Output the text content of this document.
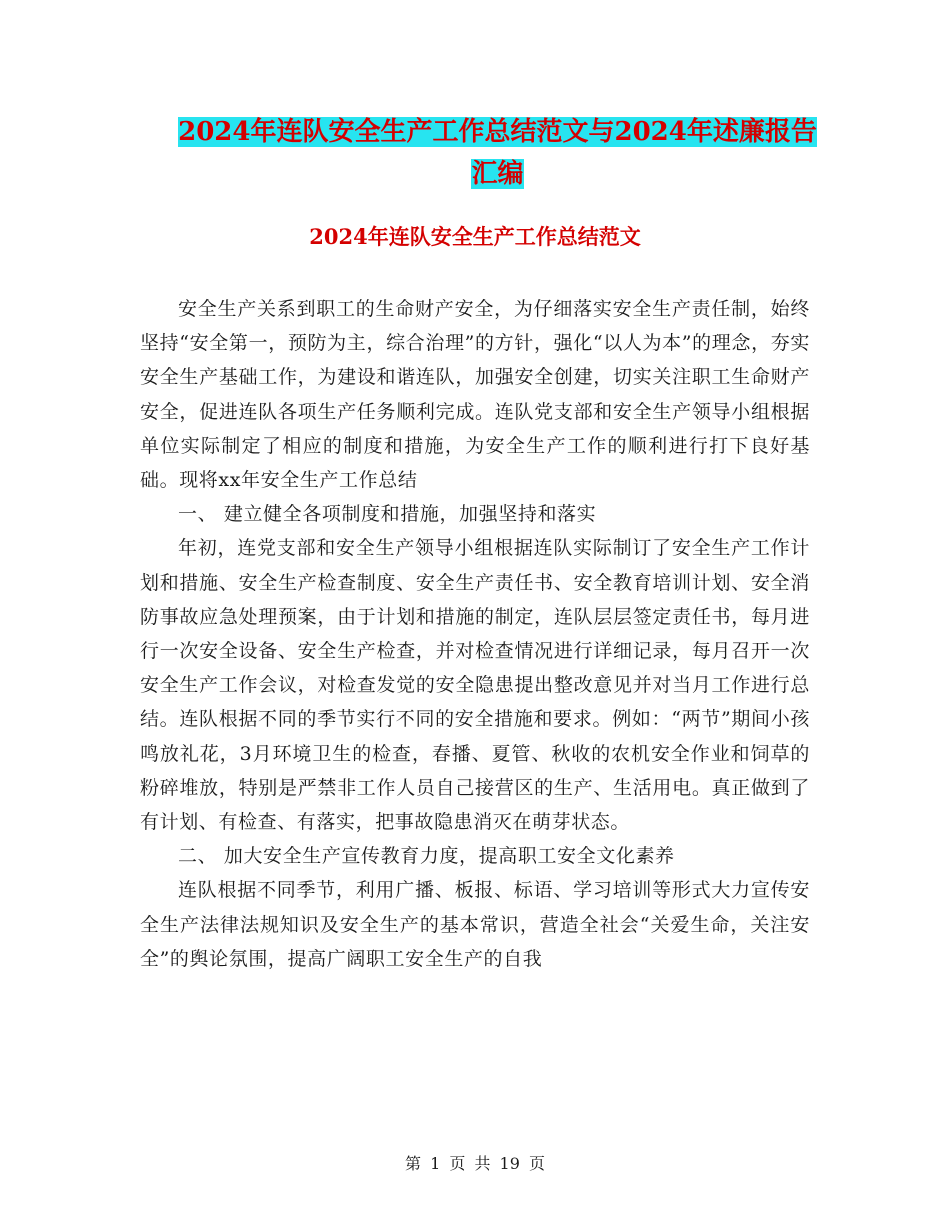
2024年连队安全生产工作总结范文与2024年述廉报告
汇编
2024年连队安全生产工作总结范文

安全生产关系到职工的生命财产安全，为仔细落实安全生产责任制，始终坚持“安全第一，预防为主，综合治理”的方针，强化“以人为本”的理念，夯实安全生产基础工作，为建设和谐连队，加强安全创建，切实关注职工生命财产安全，促进连队各项生产任务顺利完成。连队党支部和安全生产领导小组根据单位实际制定了相应的制度和措施，为安全生产工作的顺利进行打下良好基础。现将xx年安全生产工作总结

一、 建立健全各项制度和措施，加强坚持和落实

年初，连党支部和安全生产领导小组根据连队实际制订了安全生产工作计划和措施、安全生产检查制度、安全生产责任书、安全教育培训计划、安全消防事故应急处理预案，由于计划和措施的制定，连队层层签定责任书，每月进行一次安全设备、安全生产检查，并对检查情况进行详细记录，每月召开一次安全生产工作会议，对检查发觉的安全隐患提出整改意见并对当月工作进行总结。连队根据不同的季节实行不同的安全措施和要求。例如：“两节”期间小孩鸣放礼花，3月环境卫生的检查，春播、夏管、秋收的农机安全作业和饲草的粉碎堆放，特别是严禁非工作人员自己接营区的生产、生活用电。真正做到了有计划、有检查、有落实，把事故隐患消灭在萌芽状态。

二、 加大安全生产宣传教育力度，提高职工安全文化素养

连队根据不同季节，利用广播、板报、标语、学习培训等形式大力宣传安全生产法律法规知识及安全生产的基本常识，营造全社会“关爱生命，关注安全”的舆论氛围，提高广阔职工安全生产的自我

第 1 页 共 19 页
